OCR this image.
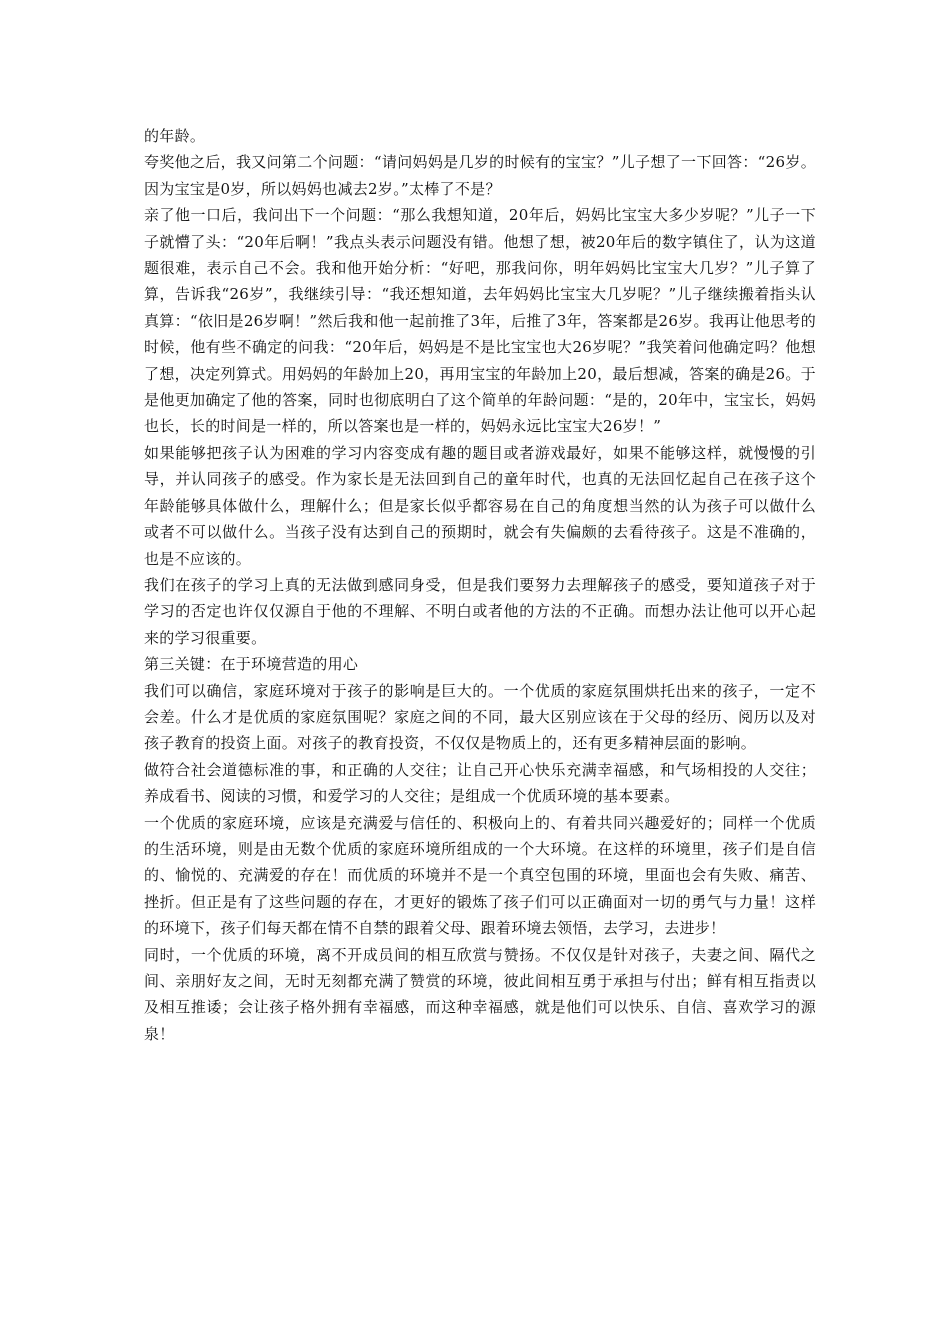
的年龄。

夸奖他之后，我又问第二个问题：“请问妈妈是几岁的时候有的宝宝？”儿子想了一下回答：“26岁。因为宝宝是0岁，所以妈妈也减去2岁。”太棒了不是？

亲了他一口后，我问出下一个问题：“那么我想知道，20年后，妈妈比宝宝大多少岁呢？”儿子一下子就懵了头：“20年后啊！”我点头表示问题没有错。他想了想，被20年后的数字镇住了，认为这道题很难，表示自己不会。我和他开始分析：“好吧，那我问你，明年妈妈比宝宝大几岁？”儿子算了算，告诉我“26岁”，我继续引导：“我还想知道，去年妈妈比宝宝大几岁呢？”儿子继续搬着指头认真算：“依旧是26岁啊！”然后我和他一起前推了3年，后推了3年，答案都是26岁。我再让他思考的时候，他有些不确定的问我：“20年后，妈妈是不是比宝宝也大26岁呢？”我笑着问他确定吗？他想了想，决定列算式。用妈妈的年龄加上20，再用宝宝的年龄加上20，最后想减，答案的确是26。于是他更加确定了他的答案，同时也彻底明白了这个简单的年龄问题：“是的，20年中，宝宝长，妈妈也长，长的时间是一样的，所以答案也是一样的，妈妈永远比宝宝大26岁！”

如果能够把孩子认为困难的学习内容变成有趣的题目或者游戏最好，如果不能够这样，就慢慢的引导，并认同孩子的感受。作为家长是无法回到自己的童年时代，也真的无法回忆起自己在孩子这个年龄能够具体做什么，理解什么；但是家长似乎都容易在自己的角度想当然的认为孩子可以做什么或者不可以做什么。当孩子没有达到自己的预期时，就会有失偏颇的去看待孩子。这是不准确的，也是不应该的。

我们在孩子的学习上真的无法做到感同身受，但是我们要努力去理解孩子的感受，要知道孩子对于学习的否定也许仅仅源自于他的不理解、不明白或者他的方法的不正确。而想办法让他可以开心起来的学习很重要。

第三关键：在于环境营造的用心

我们可以确信，家庭环境对于孩子的影响是巨大的。一个优质的家庭氛围烘托出来的孩子，一定不会差。什么才是优质的家庭氛围呢？家庭之间的不同，最大区别应该在于父母的经历、阅历以及对孩子教育的投资上面。对孩子的教育投资，不仅仅是物质上的，还有更多精神层面的影响。

做符合社会道德标准的事，和正确的人交往；让自己开心快乐充满幸福感，和气场相投的人交往；养成看书、阅读的习惯，和爱学习的人交往；是组成一个优质环境的基本要素。

一个优质的家庭环境，应该是充满爱与信任的、积极向上的、有着共同兴趣爱好的；同样一个优质的生活环境，则是由无数个优质的家庭环境所组成的一个大环境。在这样的环境里，孩子们是自信的、愉悦的、充满爱的存在！而优质的环境并不是一个真空包围的环境，里面也会有失败、痛苦、挫折。但正是有了这些问题的存在，才更好的锻炼了孩子们可以正确面对一切的勇气与力量！这样的环境下，孩子们每天都在情不自禁的跟着父母、跟着环境去领悟，去学习，去进步！

同时，一个优质的环境，离不开成员间的相互欣赏与赞扬。不仅仅是针对孩子，夫妻之间、隔代之间、亲朋好友之间，无时无刻都充满了赞赏的环境，彼此间相互勇于承担与付出；鲜有相互指责以及相互推诿；会让孩子格外拥有幸福感，而这种幸福感，就是他们可以快乐、自信、喜欢学习的源泉！
